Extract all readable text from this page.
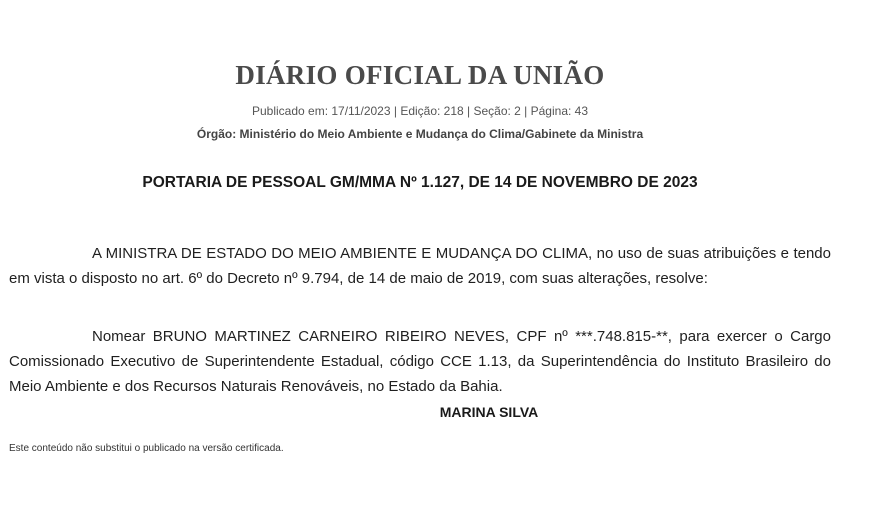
DIÁRIO OFICIAL DA UNIÃO
Publicado em: 17/11/2023 | Edição: 218 | Seção: 2 | Página: 43
Órgão: Ministério do Meio Ambiente e Mudança do Clima/Gabinete da Ministra
PORTARIA DE PESSOAL GM/MMA Nº 1.127, DE 14 DE NOVEMBRO DE 2023

A MINISTRA DE ESTADO DO MEIO AMBIENTE E MUDANÇA DO CLIMA, no uso de suas atribuições e tendo em vista o disposto no art. 6º do Decreto nº 9.794, de 14 de maio de 2019, com suas alterações, resolve:

Nomear BRUNO MARTINEZ CARNEIRO RIBEIRO NEVES, CPF nº ***.748.815-**, para exercer o Cargo Comissionado Executivo de Superintendente Estadual, código CCE 1.13, da Superintendência do Instituto Brasileiro do Meio Ambiente e dos Recursos Naturais Renováveis, no Estado da Bahia.

MARINA SILVA
Este conteúdo não substitui o publicado na versão certificada.
